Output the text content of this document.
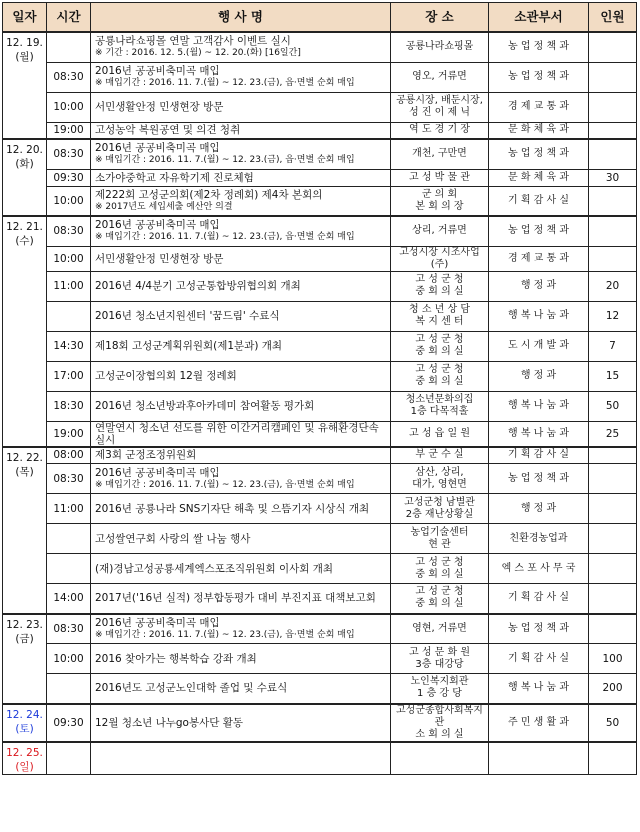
일자	시간	행 사 명	장 소	소관부서	인원

12. 19.
(월)		공룡나라쇼핑몰 연말 고객감사 이벤트 실시
※ 기간 : 2016. 12. 5.(월) ~ 12. 20.(화) [16일간]	공룡나라쇼핑몰	농 업 정 책 과	
	08:30	2016년 공공비축미곡 매입
※ 매입기간 : 2016. 11. 7.(월) ~ 12. 23.(금), 읍·면별 순회 매입	영오, 거류면	농 업 정 책 과	
	10:00	서민생활안정 민생현장 방문	공룡시장, 배둔시장,
성 진 이 제 닉	경 제 교 통 과	
	19:00	고성농악 복원공연 및 의견 청취	역 도 경 기 장	문 화 체 육 과	

12. 20.
(화)	08:30	2016년 공공비축미곡 매입
※ 매입기간 : 2016. 11. 7.(월) ~ 12. 23.(금), 읍·면별 순회 매입	개천, 구만면	농 업 정 책 과	
	09:30	소가야중학교 자유학기제 진로체험	고 성 박 물 관	문 화 체 육 과	30
	10:00	제222회 고성군의회(제2차 정례회) 제4차 본회의
※ 2017년도 세입세출 예산안 의결	군 의 회
본 회 의 장	기 획 감 사 실	

12. 21.
(수)	08:30	2016년 공공비축미곡 매입
※ 매입기간 : 2016. 11. 7.(월) ~ 12. 23.(금), 읍·면별 순회 매입	상리, 거류면	농 업 정 책 과	
	10:00	서민생활안정 민생현장 방문	고성시장 시조사업(주)	경 제 교 통 과	
	11:00	2016년 4/4분기 고성군통합방위협의회 개최	고 성 군 청
중 회 의 실	행 정 과	20

		2016년 청소년지원센터 '꿈드림' 수료식	청 소 년 상 담
복 지 센 터	행 복 나 눔 과	12
	14:30	제18회 고성군계획위원회(제1분과) 개최	고 성 군 청
중 회 의 실	도 시 개 발 과	7
	17:00	고성군이장협의회 12월 정례회	고 성 군 청
중 회 의 실	행 정 과	15
	18:30	2016년 청소년방과후아카데미 참여활동 평가회	청소년문화의집
1층 다목적홀	행 복 나 눔 과	50
	19:00	연말연시 청소년 선도를 위한 이간거리캠페인 및 유해환경단속 실시	고 성 읍 일 원	행 복 나 눔 과	25

12. 22.
(목)	08:00	제3회 군정조정위원회	부 군 수 실	기 획 감 사 실	
	08:30	2016년 공공비축미곡 매입
※ 매입기간 : 2016. 11. 7.(월) ~ 12. 23.(금), 읍·면별 순회 매입	삼산, 상리,
대가, 영현면	농 업 정 책 과	
	11:00	2016년 공룡나라 SNS기자단 해촉 및 으뜸기자 시상식 개최	고성군청 남별관
2층 재난상황실	행 정 과	

		고성쌀연구회 사랑의 쌀 나눔 행사	농업기술센터
현 관	친환경농업과	

		(재)경남고성공룡세계엑스포조직위원회 이사회 개최	고 성 군 청
중 회 의 실	엑 스 포 사 무 국	
	14:00	2017년('16년 실적) 정부합동평가 대비 부진지표 대책보고회	고 성 군 청
중 회 의 실	기 획 감 사 실	

12. 23.
(금)	08:30	2016년 공공비축미곡 매입
※ 매입기간 : 2016. 11. 7.(월) ~ 12. 23.(금), 읍·면별 순회 매입	영현, 거류면	농 업 정 책 과	
	10:00	2016 찾아가는 행복학습 강좌 개최	고 성 문 화 원
3층 대강당	기 획 감 사 실	100

		2016년도 고성군노인대학 졸업 및 수료식	노인복지회관
1 층 강 당	행 복 나 눔 과	200

12. 24.
(토)	09:30	12월 청소년 나누go봉사단 활동	고성군종합사회복지관
소 회 의 실	주 민 생 활 과	50

12. 25.
(일)					
